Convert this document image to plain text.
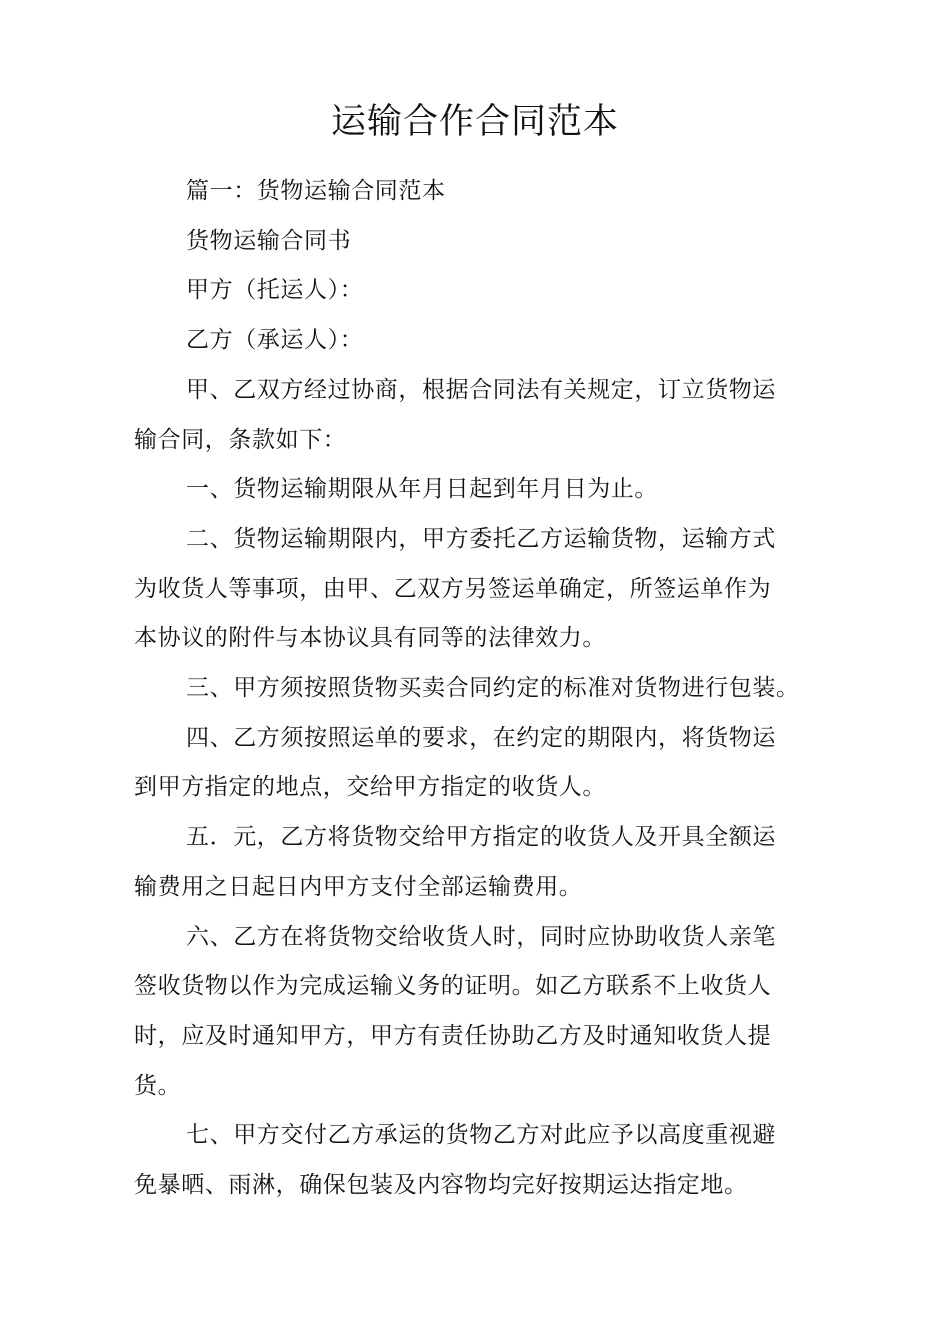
运输合作合同范本

篇一：货物运输合同范本

货物运输合同书

甲方（托运人）：

乙方（承运人）：

甲、乙双方经过协商，根据合同法有关规定，订立货物运
输合同，条款如下：

一、货物运输期限从年月日起到年月日为止。

二、货物运输期限内，甲方委托乙方运输货物，运输方式
为收货人等事项，由甲、乙双方另签运单确定，所签运单作为
本协议的附件与本协议具有同等的法律效力。

三、甲方须按照货物买卖合同约定的标准对货物进行包装。

四、乙方须按照运单的要求，在约定的期限内，将货物运
到甲方指定的地点，交给甲方指定的收货人。

五．元，乙方将货物交给甲方指定的收货人及开具全额运
输费用之日起日内甲方支付全部运输费用。

六、乙方在将货物交给收货人时，同时应协助收货人亲笔
签收货物以作为完成运输义务的证明。如乙方联系不上收货人
时，应及时通知甲方，甲方有责任协助乙方及时通知收货人提
货。

七、甲方交付乙方承运的货物乙方对此应予以高度重视避
免暴晒、雨淋，确保包装及内容物均完好按期运达指定地。
